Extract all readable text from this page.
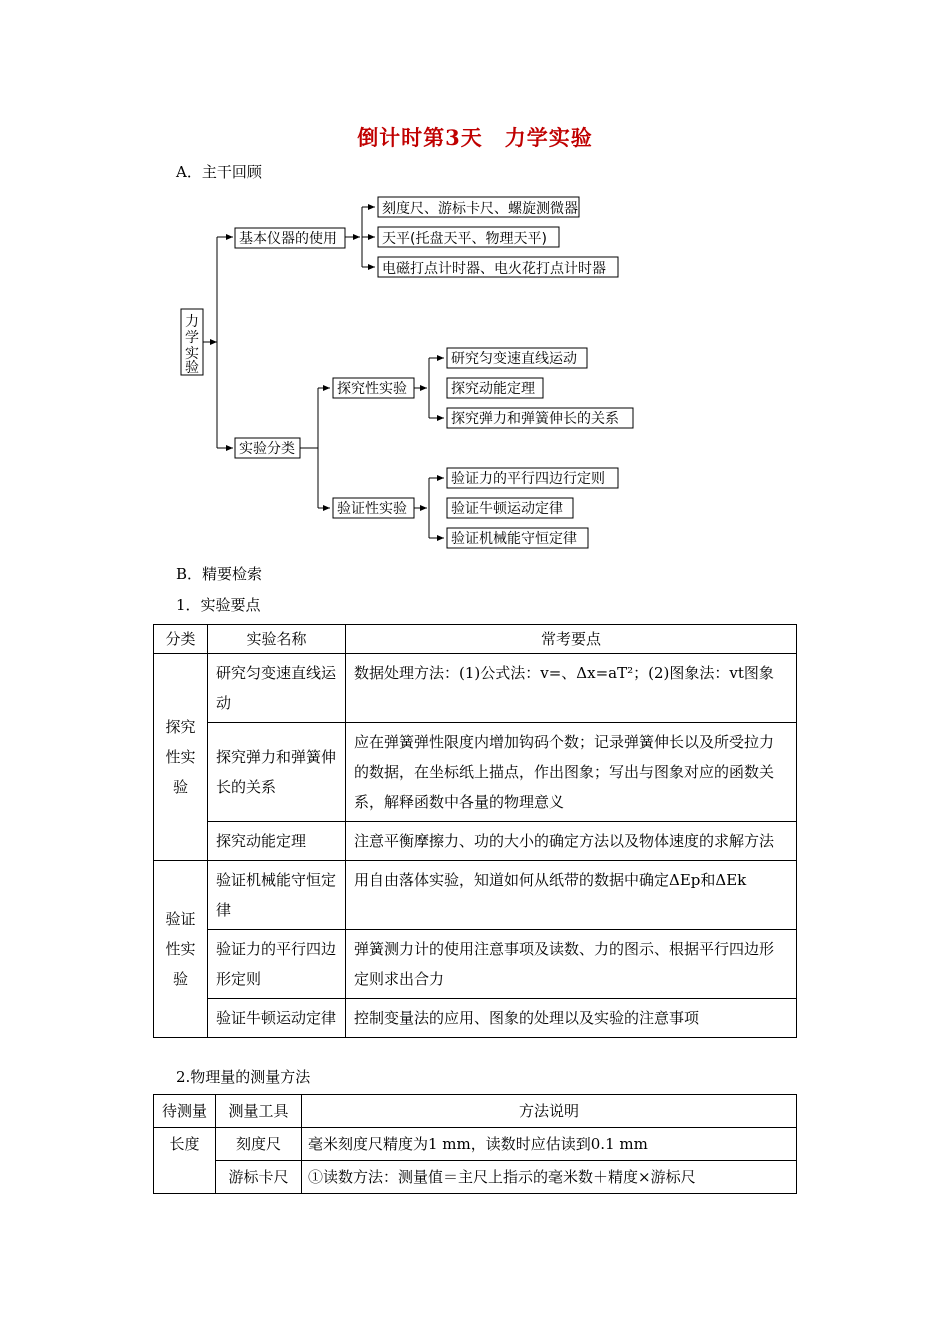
倒计时第3天　力学实验
A．主干回顾
力
学
实
验
基本仪器的使用
刻度尺、游标卡尺、螺旋测微器
天平(托盘天平、物理天平)
电磁打点计时器、电火花打点计时器
实验分类
探究性实验
研究匀变速直线运动
探究动能定理
探究弹力和弹簧伸长的关系
验证性实验
验证力的平行四边行定则
验证牛顿运动定律
验证机械能守恒定律
B．精要检索
1．实验要点
分类	实验名称	常考要点
探究性实验	研究匀变速直线运动	数据处理方法：(1)公式法：v=、Δx=aT²；(2)图象法：vt图象
	探究弹力和弹簧伸长的关系	应在弹簧弹性限度内增加钩码个数；记录弹簧伸长以及所受拉力的数据，在坐标纸上描点，作出图象；写出与图象对应的函数关系，解释函数中各量的物理意义
	探究动能定理	注意平衡摩擦力、功的大小的确定方法以及物体速度的求解方法
验证性实验	验证机械能守恒定律	用自由落体实验，知道如何从纸带的数据中确定ΔEp和ΔEk
	验证力的平行四边形定则	弹簧测力计的使用注意事项及读数、力的图示、根据平行四边形定则求出合力
	验证牛顿运动定律	控制变量法的应用、图象的处理以及实验的注意事项
2.物理量的测量方法
待测量	测量工具	方法说明
长度	刻度尺	毫米刻度尺精度为1 mm，读数时应估读到0.1 mm
	游标卡尺	①读数方法：测量值＝主尺上指示的毫米数＋精度×游标尺
